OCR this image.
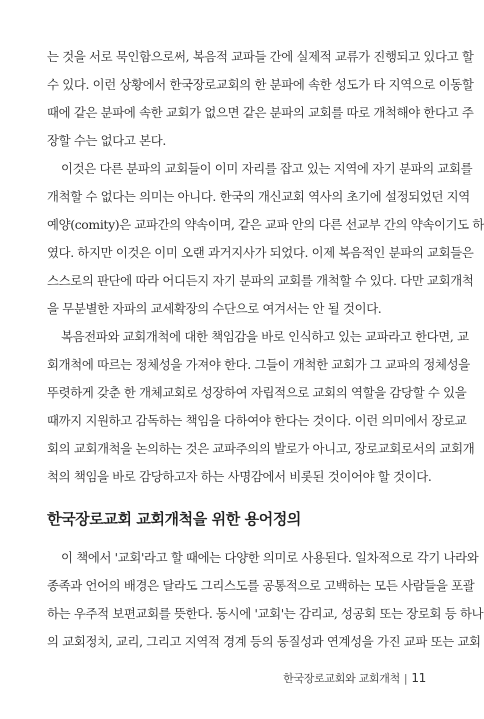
는 것을 서로 묵인함으로써, 복음적 교파들 간에 실제적 교류가 진행되고 있다고 할
수 있다. 이런 상황에서 한국장로교회의 한 분파에 속한 성도가 타 지역으로 이동할
때에 같은 분파에 속한 교회가 없으면 같은 분파의 교회를 따로 개척해야 한다고 주
장할 수는 없다고 본다.
이것은 다른 분파의 교회들이 이미 자리를 잡고 있는 지역에 자기 분파의 교회를
개척할 수 없다는 의미는 아니다. 한국의 개신교회 역사의 초기에 설정되었던 지역
예양(comity)은 교파간의 약속이며, 같은 교파 안의 다른 선교부 간의 약속이기도 하
였다. 하지만 이것은 이미 오랜 과거지사가 되었다. 이제 복음적인 분파의 교회들은
스스로의 판단에 따라 어디든지 자기 분파의 교회를 개척할 수 있다. 다만 교회개척
을 무분별한 자파의 교세확장의 수단으로 여겨서는 안 될 것이다.
복음전파와 교회개척에 대한 책임감을 바로 인식하고 있는 교파라고 한다면, 교
회개척에 따르는 정체성을 가져야 한다. 그들이 개척한 교회가 그 교파의 정체성을
뚜렷하게 갖춘 한 개체교회로 성장하여 자립적으로 교회의 역할을 감당할 수 있을
때까지 지원하고 감독하는 책임을 다하여야 한다는 것이다. 이런 의미에서 장로교
회의 교회개척을 논의하는 것은 교파주의의 발로가 아니고, 장로교회로서의 교회개
척의 책임을 바로 감당하고자 하는 사명감에서 비롯된 것이어야 할 것이다.
한국장로교회 교회개척을 위한 용어정의
이 책에서 '교회'라고 할 때에는 다양한 의미로 사용된다. 일차적으로 각기 나라와
종족과 언어의 배경은 달라도 그리스도를 공통적으로 고백하는 모든 사람들을 포괄
하는 우주적 보편교회를 뜻한다. 동시에 '교회'는 감리교, 성공회 또는 장로회 등 하나
의 교회정치, 교리, 그리고 지역적 경계 등의 동질성과 연계성을 가진 교파 또는 교회
한국장로교회와 교회개척 | 11
